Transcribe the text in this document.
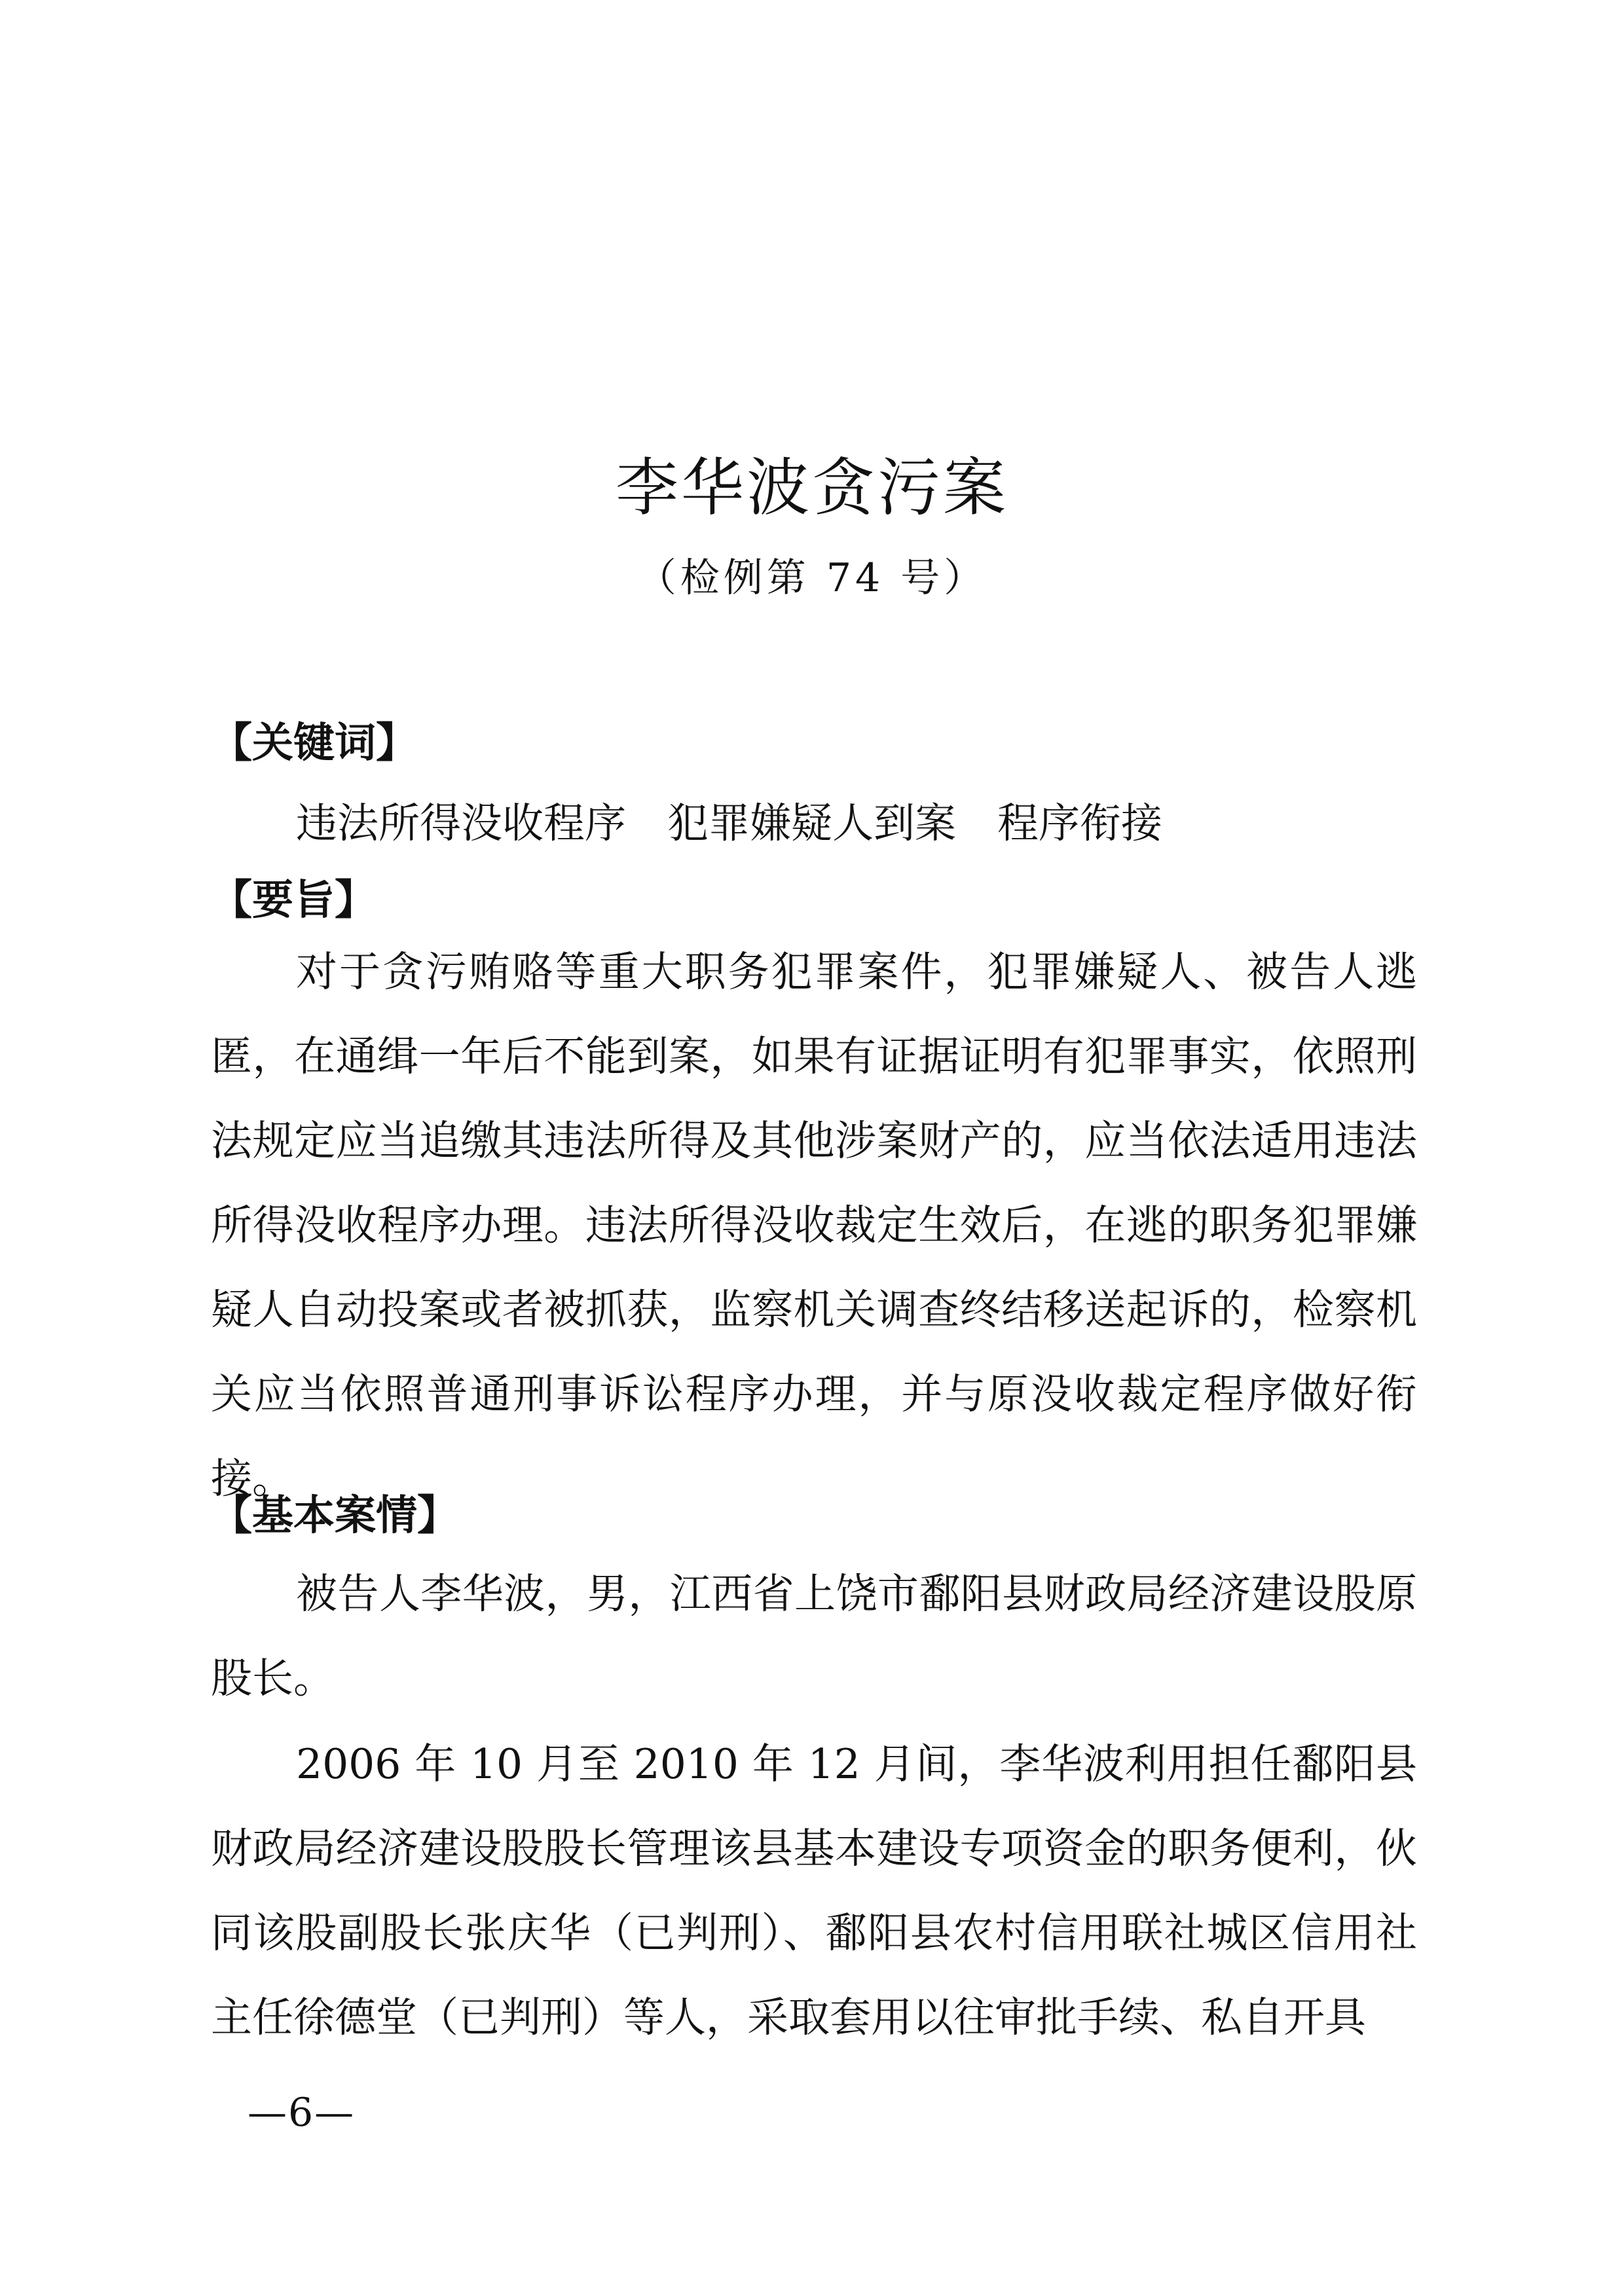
李华波贪污案
（检例第 74 号）
【关键词】
违法所得没收程序　犯罪嫌疑人到案　程序衔接
【要旨】

对于贪污贿赂等重大职务犯罪案件，犯罪嫌疑人、被告人逃匿，在通缉一年后不能到案，如果有证据证明有犯罪事实，依照刑法规定应当追缴其违法所得及其他涉案财产的，应当依法适用违法所得没收程序办理。违法所得没收裁定生效后，在逃的职务犯罪嫌疑人自动投案或者被抓获，监察机关调查终结移送起诉的，检察机关应当依照普通刑事诉讼程序办理，并与原没收裁定程序做好衔接。

【基本案情】

被告人李华波，男，江西省上饶市鄱阳县财政局经济建设股原股长。

2006 年 10 月至 2010 年 12 月间，李华波利用担任鄱阳县财政局经济建设股股长管理该县基本建设专项资金的职务便利，伙同该股副股长张庆华（已判刑）、鄱阳县农村信用联社城区信用社主任徐德堂（已判刑）等人，采取套用以往审批手续、私自开具

—6—
